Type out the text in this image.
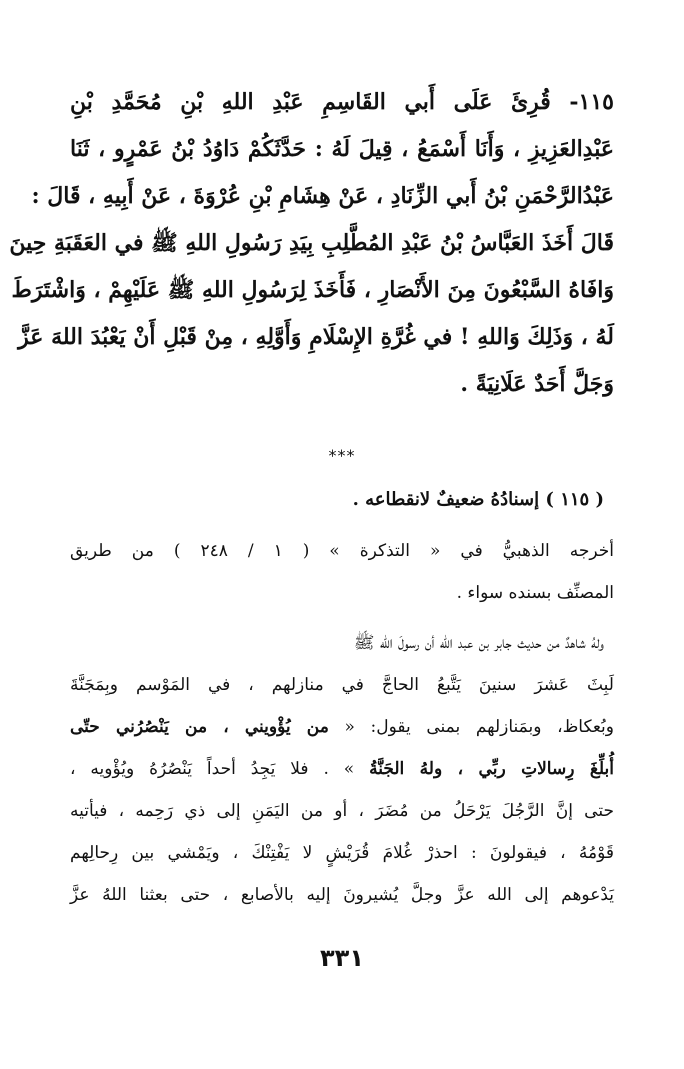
١١٥- قُرِئَ عَلَى أَبي القَاسِمِ عَبْدِ اللهِ بْنِ مُحَمَّدِ بْنِ
عَبْدِالعَزِيزِ ، وَأَنَا أَسْمَعُ ، قِيلَ لَهُ : حَدَّثَكُمْ دَاوُدُ بْنُ عَمْرٍو ، ثَنَا
عَبْدُالرَّحْمَنِ بْنُ أَبي الزِّنَادِ ، عَنْ هِشَامِ بْنِ عُرْوَةَ ، عَنْ أَبِيهِ ، قَالَ :
قَالَ أَخَذَ العَبَّاسُ بْنُ عَبْدِ المُطَّلِبِ بِيَدِ رَسُولِ اللهِ ﷺ في العَقَبَةِ حِينَ
وَافَاهُ السَّبْعُونَ مِنَ الأَنْصَارِ ، فَأَخَذَ لِرَسُولِ اللهِ ﷺ عَلَيْهِمْ ، وَاشْتَرَطَ
لَهُ ، وَذَلِكَ وَاللهِ ! في غُرَّةِ الإِسْلَامِ وَأَوَّلِهِ ، مِنْ قَبْلِ أَنْ يَعْبُدَ اللهَ عَزَّ
وَجَلَّ أَحَدٌ عَلَانِيَةً .
***
( ١١٥ ) إسنادُهُ ضعيفٌ لانقطاعه .
أخرجه الذهبيُّ في « التذكرة » ( ١ / ٢٤٨ ) من طريق
المصنِّف بسنده سواء .
ولهُ شاهدٌ من حديث جابر بن عبد الله أن رسولَ الله ﷺ
لَبِثَ عَشرَ سنينَ يَتَّبعُ الحاجَّ في منازلهم ، في المَوْسم وبِمَجَنَّةَ
وبُعكاظ، وبمَنازلهم بمنى يقول: « من يُؤْويني ، من يَنْصُرُني حتّى
أُبلِّغَ رِسالاتِ ربِّي ، ولهُ الجَنَّةُ » . فلا يَجِدُ أحداً يَنْصُرُهُ ويُؤْويه ،
حتى إنَّ الرَّجُلَ يَرْحَلُ من مُضَرَ ، أو من اليَمَنِ إلى ذي رَحِمه ، فيأتيه
قَوْمُهُ ، فيقولونَ : احذرْ غُلامَ قُرَيْشٍ لا يَفْتِنْكَ ، ويَمْشي بين رِحالِهم
يَدْعوهم إلى الله عزَّ وجلَّ يُشيرونَ إليه بالأصابع ، حتى بعثنا اللهُ عزَّ
٣٣١
